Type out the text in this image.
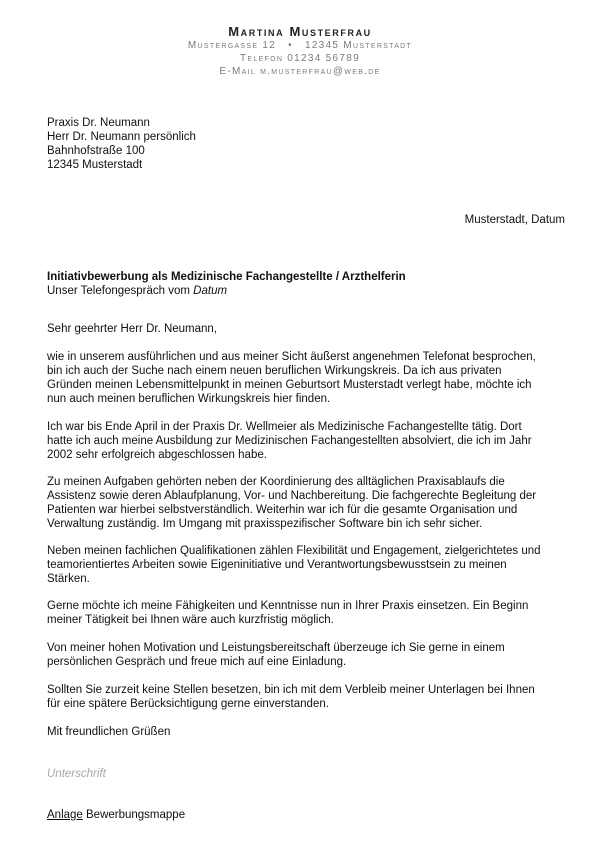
Martina Musterfrau
Mustergasse 12 • 12345 Musterstadt
Telefon 01234 56789
E-Mail m.musterfrau@web.de
Praxis Dr. Neumann
Herr Dr. Neumann persönlich
Bahnhofstraße 100
12345 Musterstadt
Musterstadt, Datum
Initiativbewerbung als Medizinische Fachangestellte / Arzthelferin
Unser Telefongespräch vom Datum
Sehr geehrter Herr Dr. Neumann,
wie in unserem ausführlichen und aus meiner Sicht äußerst angenehmen Telefonat besprochen,
bin ich auch der Suche nach einem neuen beruflichen Wirkungskreis. Da ich aus privaten
Gründen meinen Lebensmittelpunkt in meinen Geburtsort Musterstadt verlegt habe, möchte ich
nun auch meinen beruflichen Wirkungskreis hier finden.
Ich war bis Ende April in der Praxis Dr. Wellmeier als Medizinische Fachangestellte tätig. Dort
hatte ich auch meine Ausbildung zur Medizinischen Fachangestellten absolviert, die ich im Jahr
2002 sehr erfolgreich abgeschlossen habe.
Zu meinen Aufgaben gehörten neben der Koordinierung des alltäglichen Praxisablaufs die
Assistenz sowie deren Ablaufplanung, Vor- und Nachbereitung. Die fachgerechte Begleitung der
Patienten war hierbei selbstverständlich. Weiterhin war ich für die gesamte Organisation und
Verwaltung zuständig. Im Umgang mit praxisspezifischer Software bin ich sehr sicher.
Neben meinen fachlichen Qualifikationen zählen Flexibilität und Engagement, zielgerichtetes und
teamorientiertes Arbeiten sowie Eigeninitiative und Verantwortungsbewusstsein zu meinen
Stärken.
Gerne möchte ich meine Fähigkeiten und Kenntnisse nun in Ihrer Praxis einsetzen. Ein Beginn
meiner Tätigkeit bei Ihnen wäre auch kurzfristig möglich.
Von meiner hohen Motivation und Leistungsbereitschaft überzeuge ich Sie gerne in einem
persönlichen Gespräch und freue mich auf eine Einladung.
Sollten Sie zurzeit keine Stellen besetzen, bin ich mit dem Verbleib meiner Unterlagen bei Ihnen
für eine spätere Berücksichtigung gerne einverstanden.
Mit freundlichen Grüßen
Unterschrift
Anlage Bewerbungsmappe
